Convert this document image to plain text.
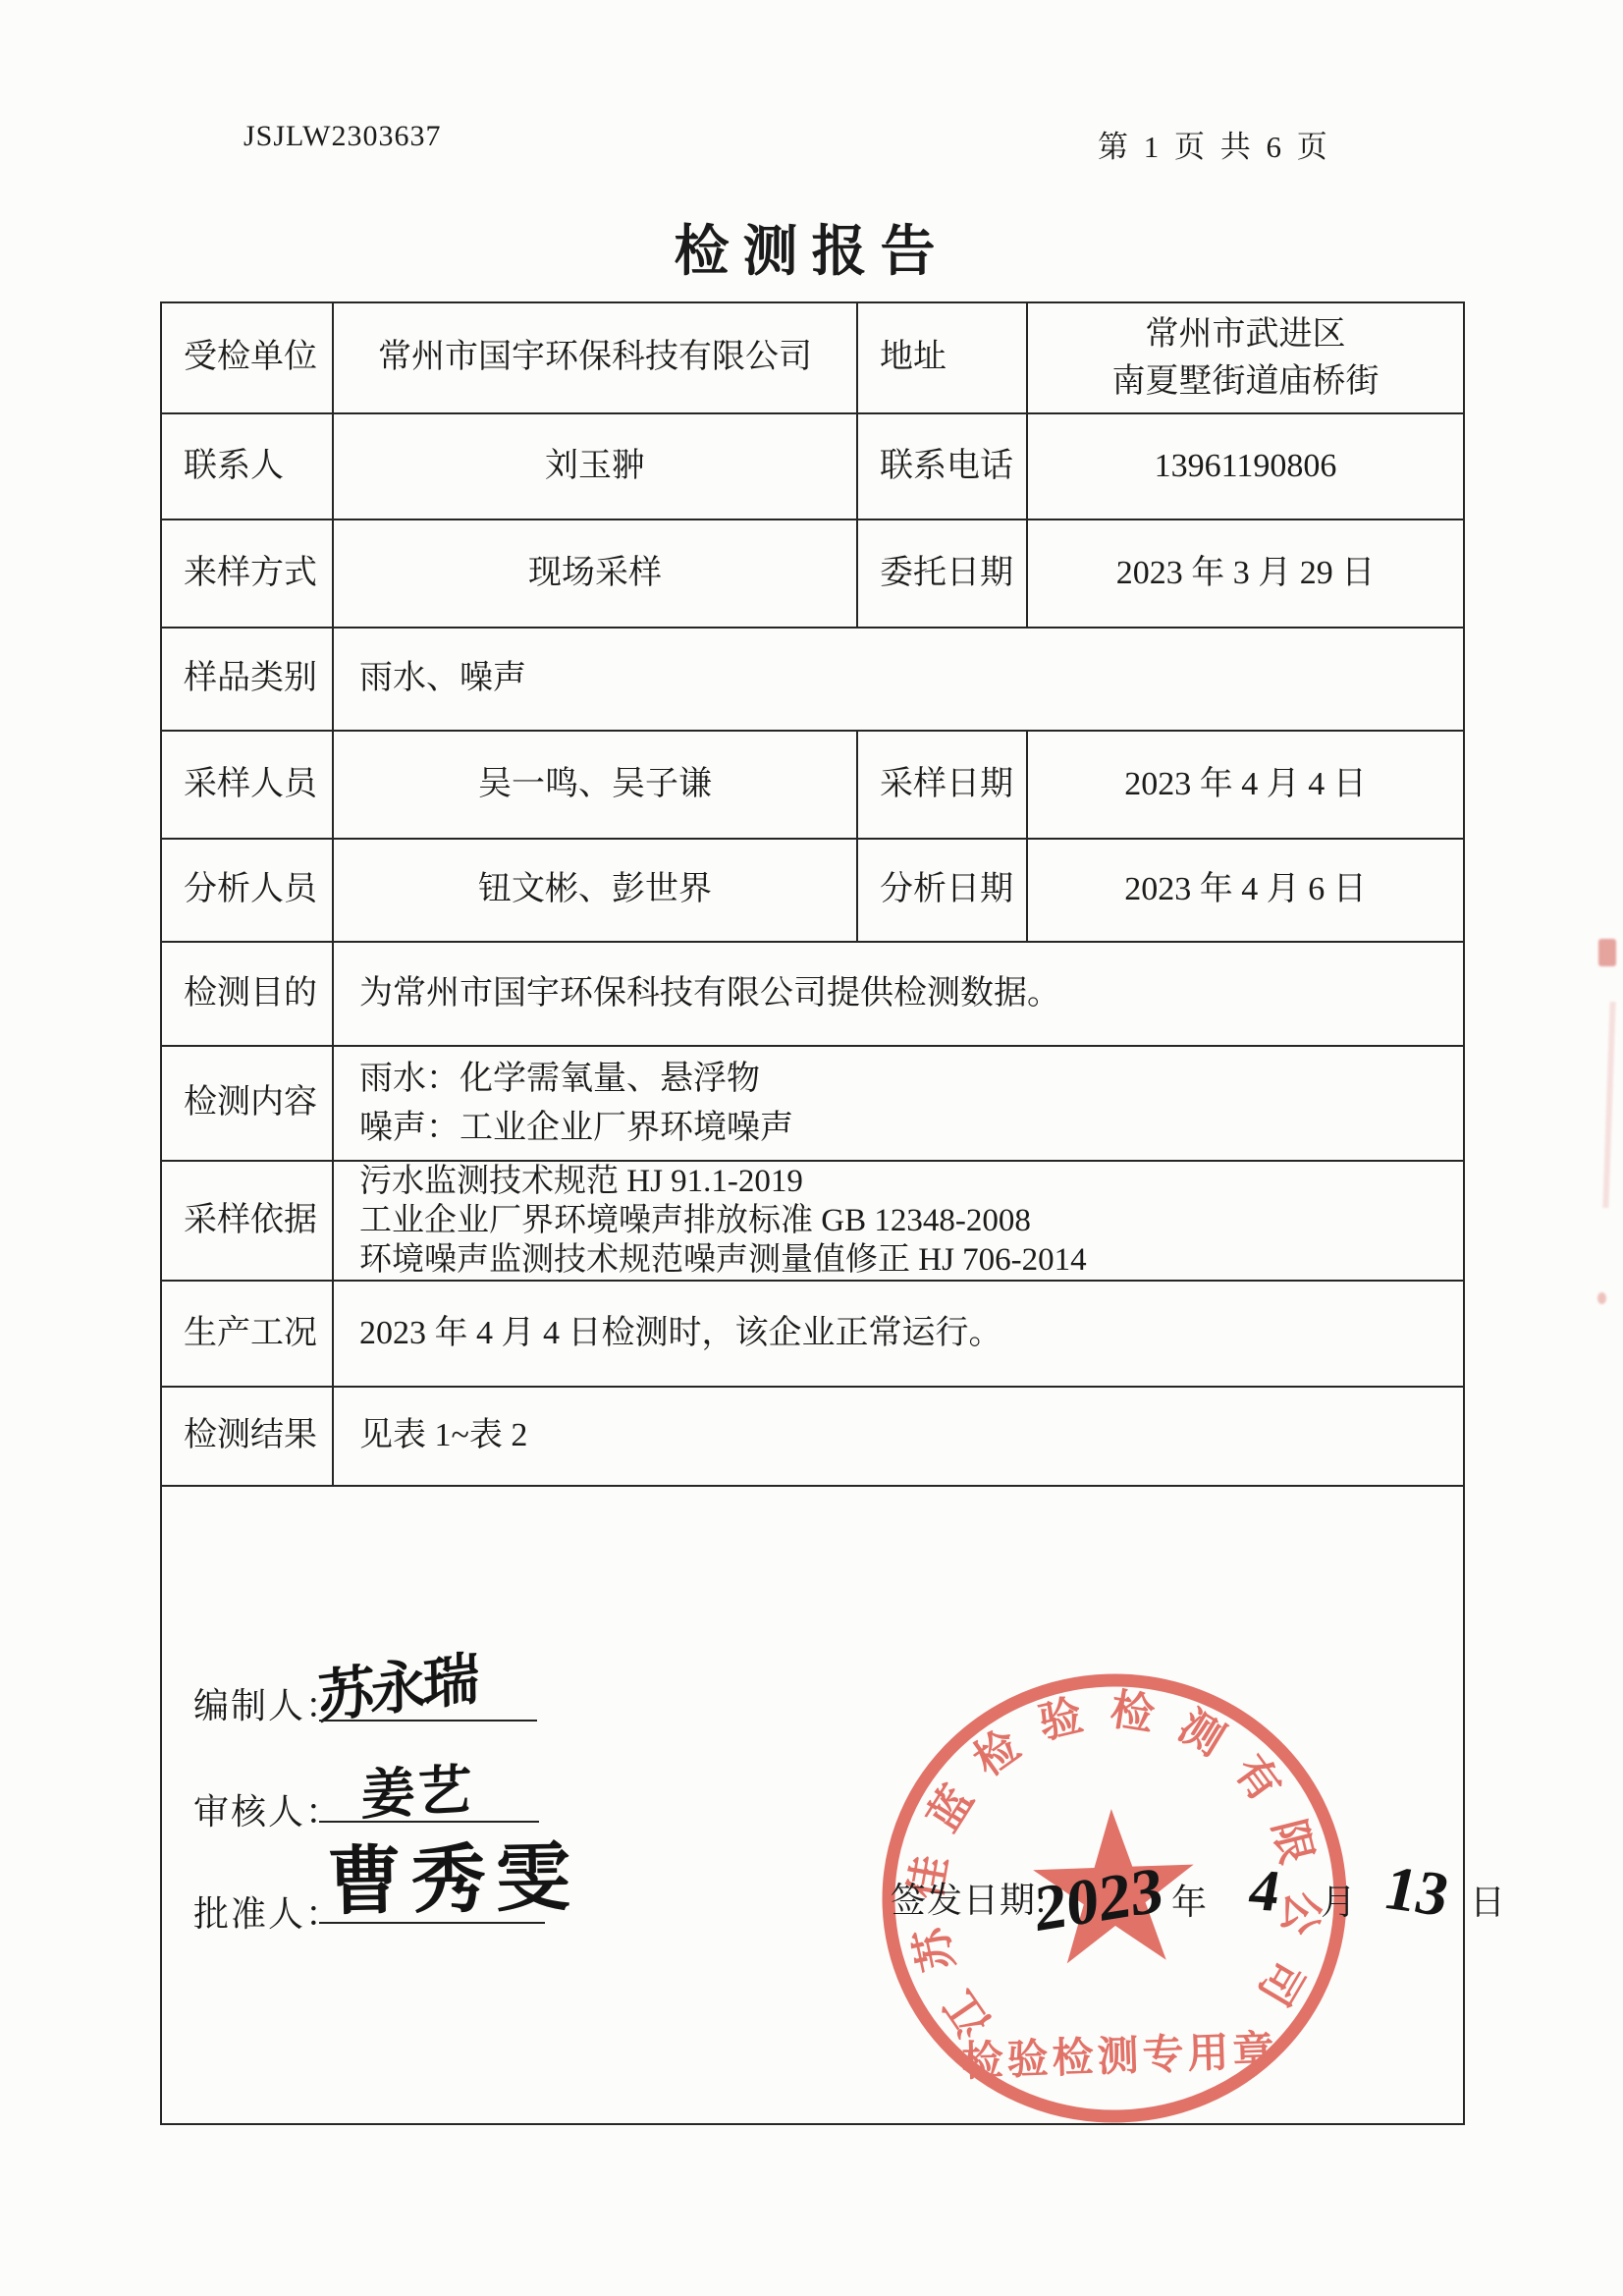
JSJLW2303637	第 1 页 共 6 页
检测报告
受检单位	常州市国宇环保科技有限公司	地址	常州市武进区
南夏墅街道庙桥街

联系人	刘玉翀	联系电话	13961190806
来样方式	现场采样	委托日期	2023 年 3 月 29 日
样品类别	雨水、噪声		
采样人员	吴一鸣、吴子谦	采样日期	2023 年 4 月 4 日
分析人员	钮文彬、彭世界	分析日期	2023 年 4 月 6 日
检测目的	为常州市国宇环保科技有限公司提供检测数据。		
检测内容	雨水：化学需氧量、悬浮物
噪声：工业企业厂界环境噪声		

采样依据	污水监测技术规范 HJ 91.1-2019
工业企业厂界环境噪声排放标准 GB 12348-2008
环境噪声监测技术规范噪声测量值修正 HJ 706-2014		

生产工况	2023 年 4 月 4 日检测时，该企业正常运行。		
检测结果	见表 1~表 2		

编制人：
苏永瑞
审核人： 姜艺
批准人：
曹秀雯
江苏佳蓝检验检测有限公司
检验检测专用章
签发日期:
2023 年 4 月 13 日
